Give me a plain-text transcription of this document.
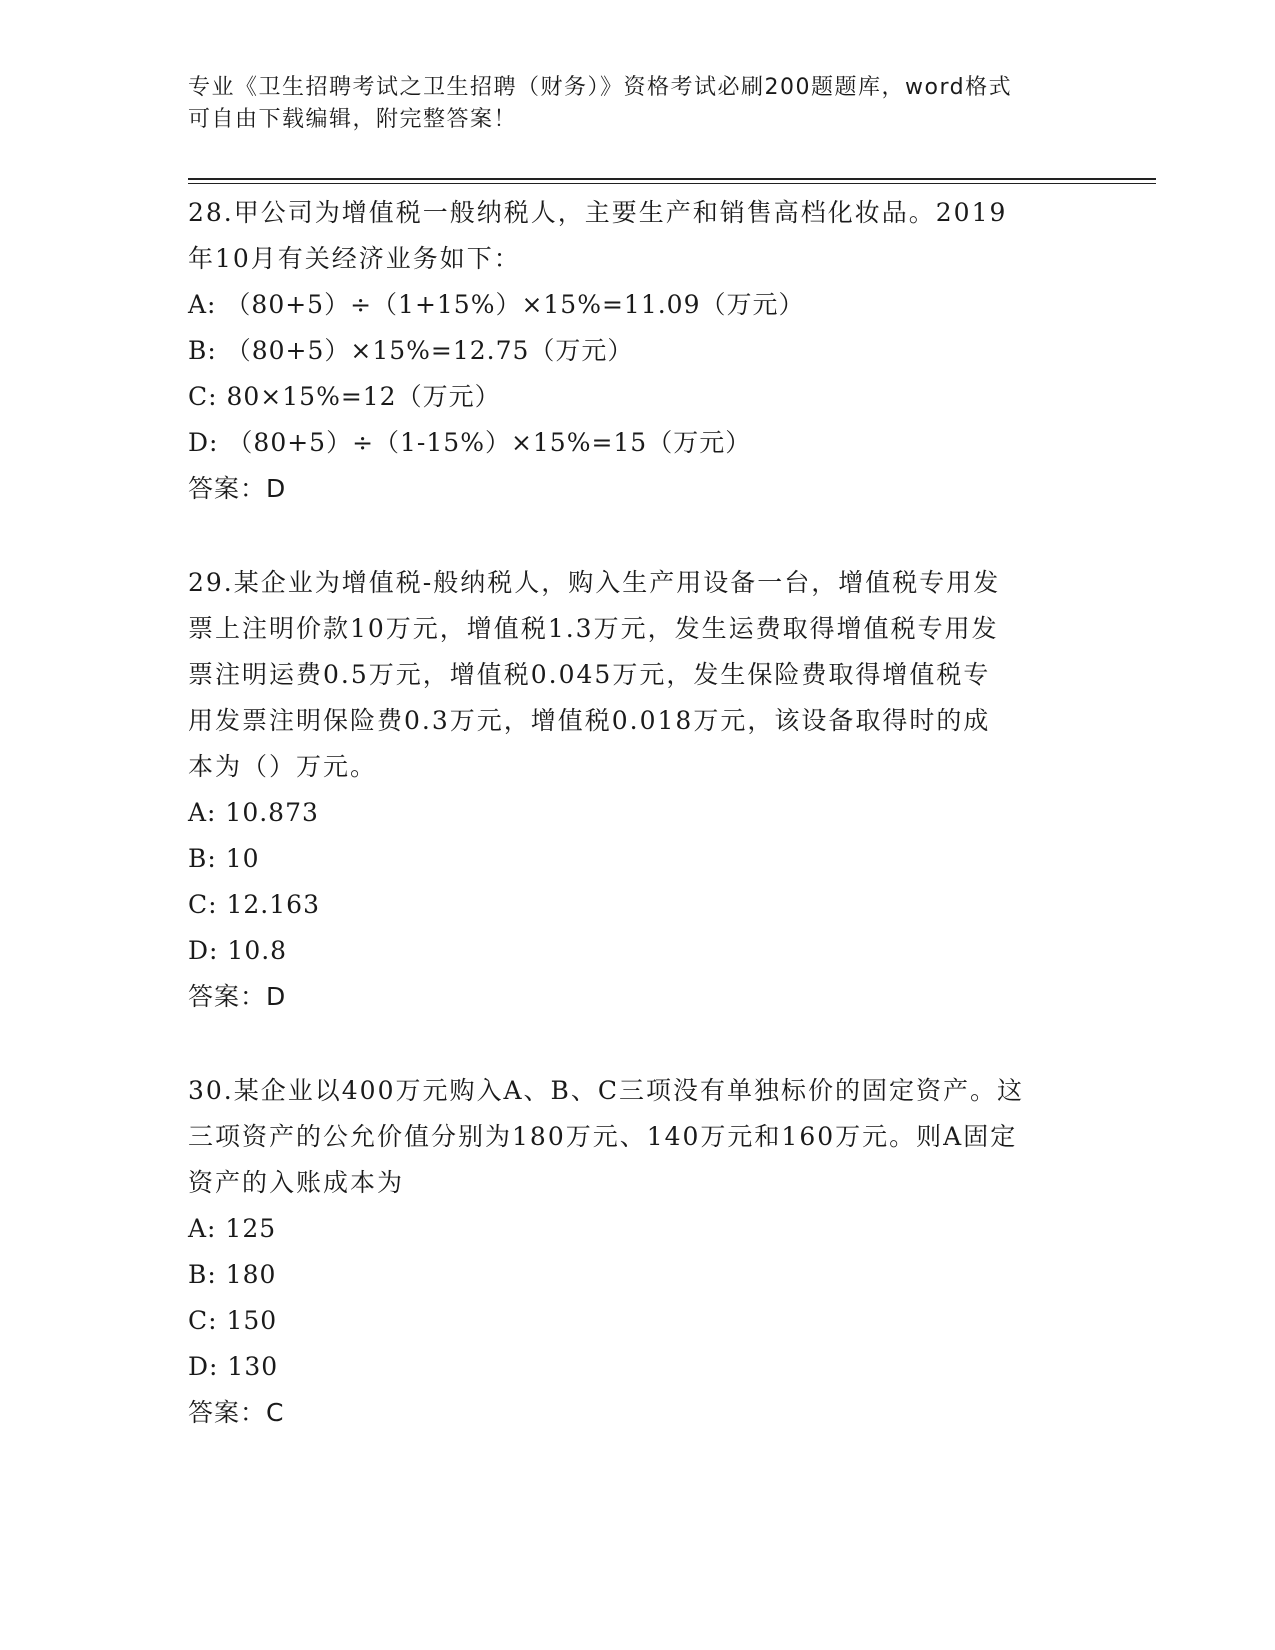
专业《卫生招聘考试之卫生招聘（财务）》资格考试必刷200题题库，word格式
可自由下载编辑，附完整答案！
28.甲公司为增值税一般纳税人，主要生产和销售高档化妆品。2019
年10月有关经济业务如下：
A: （80+5）÷（1+15%）×15%=11.09（万元）
B: （80+5）×15%=12.75（万元）
C: 80×15%=12（万元）
D: （80+5）÷（1-15%）×15%=15（万元）
答案：D
29.某企业为增值税-般纳税人，购入生产用设备一台，增值税专用发
票上注明价款10万元，增值税1.3万元，发生运费取得增值税专用发
票注明运费0.5万元，增值税0.045万元，发生保险费取得增值税专
用发票注明保险费0.3万元，增值税0.018万元，该设备取得时的成
本为（）万元。
A: 10.873
B: 10
C: 12.163
D: 10.8
答案：D
30.某企业以400万元购入A、B、C三项没有单独标价的固定资产。这
三项资产的公允价值分别为180万元、140万元和160万元。则A固定
资产的入账成本为
A: 125
B: 180
C: 150
D: 130
答案：C
